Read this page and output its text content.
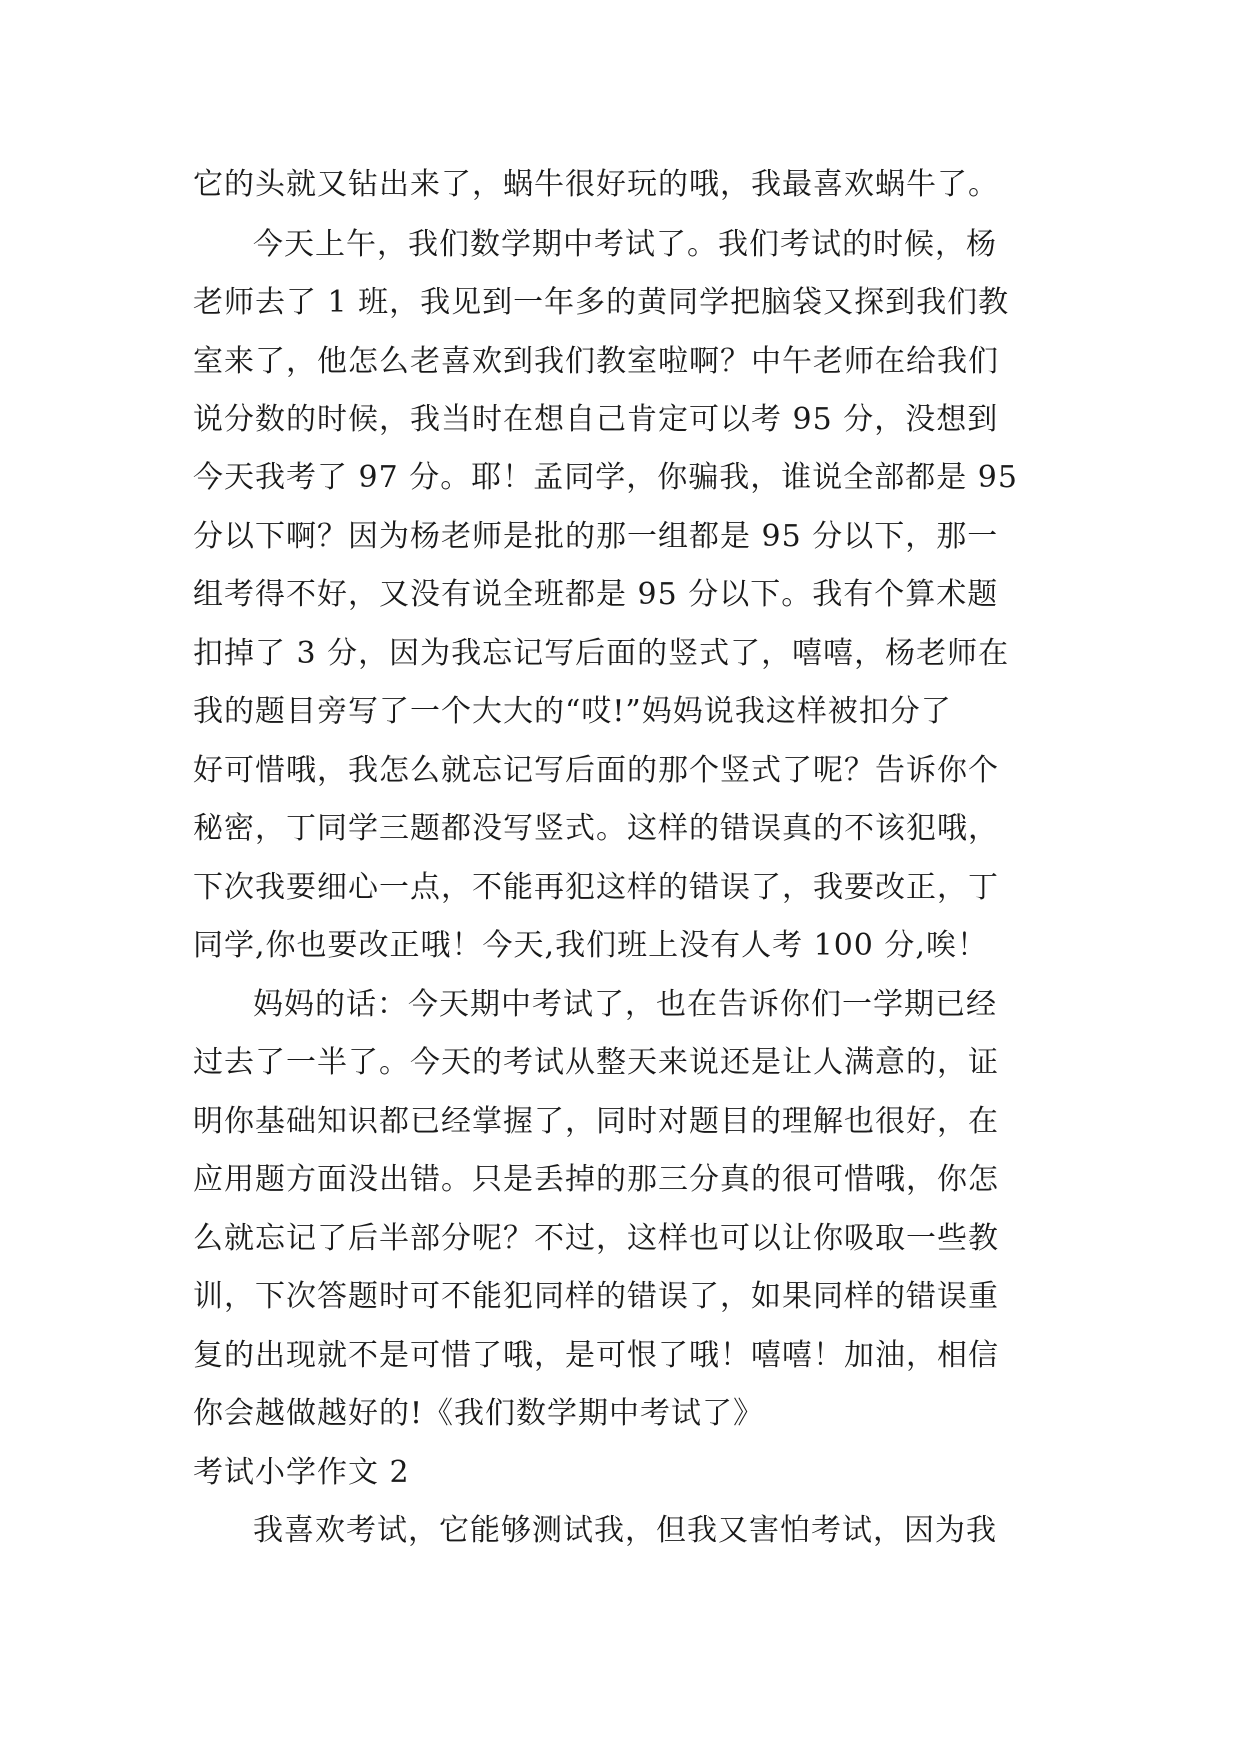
它的头就又钻出来了，蜗牛很好玩的哦，我最喜欢蜗牛了。
今天上午，我们数学期中考试了。我们考试的时候，杨
老师去了 1 班，我见到一年多的黄同学把脑袋又探到我们教
室来了，他怎么老喜欢到我们教室啦啊？中午老师在给我们
说分数的时候，我当时在想自己肯定可以考 95 分，没想到
今天我考了 97 分。耶！孟同学，你骗我，谁说全部都是 95
分以下啊？因为杨老师是批的那一组都是 95 分以下，那一
组考得不好，又没有说全班都是 95 分以下。我有个算术题
扣掉了 3 分，因为我忘记写后面的竖式了，嘻嘻，杨老师在
我的题目旁写了一个大大的“哎!”妈妈说我这样被扣分了
好可惜哦，我怎么就忘记写后面的那个竖式了呢？告诉你个
秘密，丁同学三题都没写竖式。这样的错误真的不该犯哦，
下次我要细心一点，不能再犯这样的错误了，我要改正，丁
同学,你也要改正哦！今天,我们班上没有人考 100 分,唉！
妈妈的话：今天期中考试了，也在告诉你们一学期已经
过去了一半了。今天的考试从整天来说还是让人满意的，证
明你基础知识都已经掌握了，同时对题目的理解也很好，在
应用题方面没出错。只是丢掉的那三分真的很可惜哦，你怎
么就忘记了后半部分呢？不过，这样也可以让你吸取一些教
训，下次答题时可不能犯同样的错误了，如果同样的错误重
复的出现就不是可惜了哦，是可恨了哦！嘻嘻！加油，相信
你会越做越好的!《我们数学期中考试了》
考试小学作文 2
我喜欢考试，它能够测试我，但我又害怕考试，因为我
